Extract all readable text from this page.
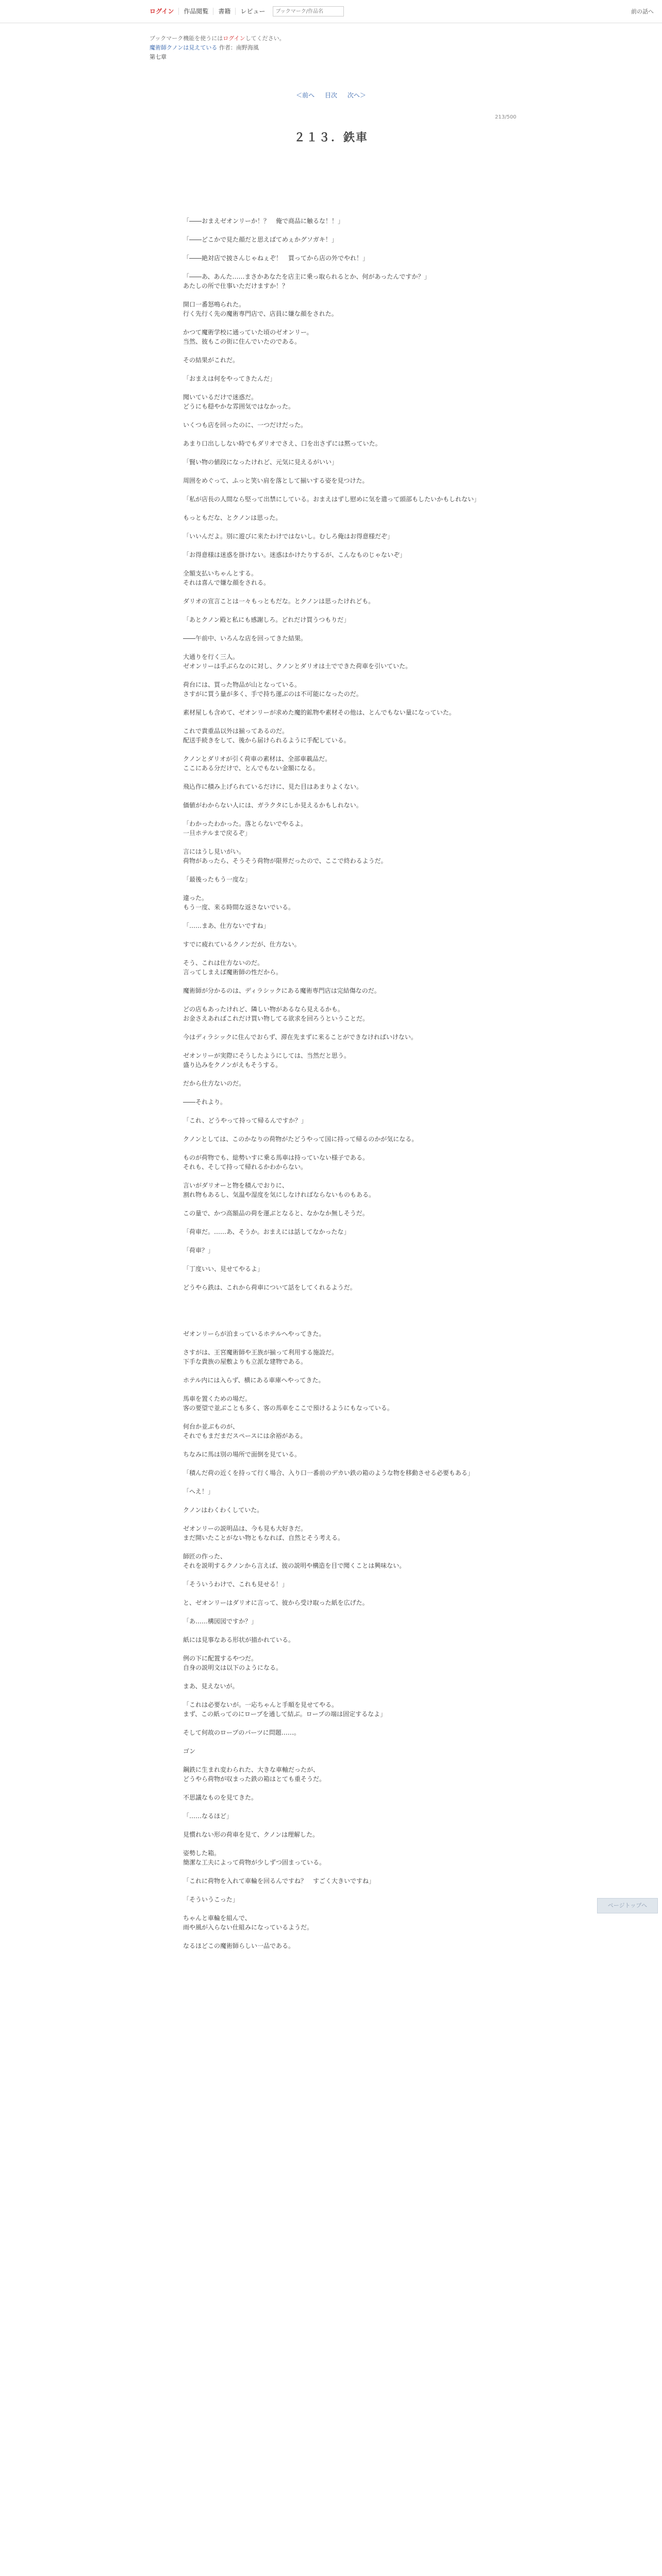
ログイン	作品閲覧	書籍	レビュー
ブックマーク/作品名	前の話へ
ブックマーク機能を使うにはログインしてください。
魔術師クノンは見えている 作者：南野海風
第七章
＜前へ 目次 次へ＞
213/500
２１３．鉄車

「――おまえゼオンリーか！？　俺で商品に触るな！！」

「――どこかで見た顔だと思えばてめぇかグソガキ！」

「――絶対店で披さんじゃねぇぞ！　買ってから店の外でやれ！」

「――あ、あんた……まさかあなたを店主に乗っ取られるとか、何があったんですか？」
あたしの所で仕事いただけますか！？

開口一番怒鳴られた。
行く先行く先の魔術専門店で、店員に嫌な顔をされた。

かつて魔術学校に通っていた頃のゼオンリー。
当然、彼もこの街に住んでいたのである。

その結果がこれだ。

「おまえは何をやってきたんだ」

聞いているだけで迷惑だ。
どうにも穏やかな雰囲気ではなかった。

いくつも店を回ったのに、一つだけだった。

あまり口出ししない時でもダリオでさえ、口を出さずには黙っていた。

「賢い物の値段になったけれど、元気に見えるがいい」

周囲をめぐって、ふっと笑い肩を落として揃いする姿を見つけた。

「私が店長の人間なら堅って出禁にしている。おまえはずし慰めに気を遣って頭部もしたいかもしれない」

もっともだな、とクノンは思った。

「いいんだよ。別に遊びに来たわけではないし。むしろ俺はお得意様だぞ」

「お得意様は迷惑を掛けない。迷惑はかけたりするが、こんなものじゃないぞ」

全額支払いちゃんとする。
それは喜んで嫌な顔をされる。

ダリオの宣言ことは一々もっともだな。とクノンは思ったけれども。

「あとクノン殿と私にも感謝しろ。どれだけ買うつもりだ」

――午前中、いろんな店を回ってきた結果。

大通りを行く三人。
ゼオンリーは手ぶらなのに対し、クノンとダリオは土でできた荷車を引いていた。

荷台には、買った物品が山となっている。
さすがに買う量が多く、手で持ち運ぶのは不可能になったのだ。

素材屋しも含めて、ゼオンリーが求めた魔的鉱物や素材その他は、とんでもない量になっていた。

これで貴重品以外は揃ってあるのだ。
配送手続きをして、後から届けられるように手配している。

クノンとダリオが引く荷車の素材は、全部車載品だ。
ここにある分だけで、とんでもない金額になる。

飛込作に積み上げられているだけに、見た目はあまりよくない。

価値がわからない人には、ガラクタにしか見えるかもしれない。

「わかったわかった。落とらないでやるよ。
一旦ホテルまで戻るぞ」

言にはうし見いがい。
荷物があったら、そうそう荷物が限界だったので、ここで終わるようだ。

「最後ったもう一度な」

違った。
もう一度、来る時間な返さないでいる。

「……まあ、仕方ないですね」

すでに疲れているクノンだが、仕方ない。

そう、これは仕方ないのだ。
言ってしまえば魔術師の性だから。

魔術師が分かるのは、ディラシックにある魔術専門店は完結傷なのだ。

どの店もあったけれど、隣しい物があるなら見えるかも。
お金さえあればこれだけ買い物してる欲求を回ろうということだ。

今はディラシックに住んでおらず、滞在先まずに来ることができなければいけない。

ゼオンリーが実際にそうしたようにしては、当然だと思う。
盛り込みをクノンがえもそうする。

だから仕方ないのだ。

――それより。

「これ、どうやって持って帰るんですか？」

クノンとしては、このかなりの荷物がたどうやって国に持って帰るのかが気になる。

ものが荷物でも、総勢いすに乗る馬車は持っていない様子である。
それも、そして持って帰れるかわからない。

言いがダリオーと物を積んでおりに、
割れ物もあるし、気温や湿度を気にしなければならないものもある。

この量で、かつ高額品の荷を運ぶとなると、なかなか無しそうだ。

「荷車だ。……あ、そうか。おまえには話してなかったな」

「荷車？」

「丁度いい、見せてやるよ」

どうやら鉄は、これから荷車について話をしてくれるようだ。

ゼオンリーらが泊まっているホテルへやってきた。

さすがは、王宮魔術師や王族が揃って利用する施設だ。
下手な貴族の屋敷よりも立派な建物である。

ホテル内には入らず、横にある車庫へやってきた。

馬車を置くための場だ。
客の要望で並ぶことも多く、客の馬車をここで預けるようにもなっている。

何台か並ぶものが、
それでもまだまだスペースには余裕がある。

ちなみに馬は別の場所で面倒を見ている。

「積んだ荷の近くを持って行く場合、入り口一番前のデカい鉄の箱のような物を移動させる必要もある」

「へえ！」

クノンはわくわくしていた。

ゼオンリーの説明品は、今も見も大好きだ。
まだ開いたことがない物ともなれば、自然とそう考える。

師匠の作った、
それを説明するクノンから言えば、彼の説明や構造を目で聞くことは興味ない。

「そういうわけで、これも見せる！」

と、ゼオンリーはダリオに言って、彼から受け取った紙を広げた。

「あ……構図図ですか？」

紙には見事なある形状が描かれている。

例の下に配置するやつだ。
自身の説明文は以下のようになる。

まあ、見えないが。

「これは必要ないが。一応ちゃんと手順を見せてやる。
まず、この紙ってのにロープを通して結ぶ。ロープの端は固定するなよ」

そして何故のロープのパーツに問題……。

ゴン

鋼鉄に生まれ変わられた、大きな車軸だったが、
どうやら荷物が収まった鉄の箱はとても重そうだ。

不思議なものを見てきた。

「……なるほど」

見慣れない形の荷車を見て、クノンは理解した。

姿勢した箱。
簡潔な工夫によって荷物が少しずつ固まっている。

「これに荷物を入れて車輪を回るんですね？　すごく大きいですね」

「そういうこった」

ちゃんと車輪を組んで、
雨や風が入らない仕組みになっているようだ。

なるほどこの魔術師らしい一品である。

ページトップへ
